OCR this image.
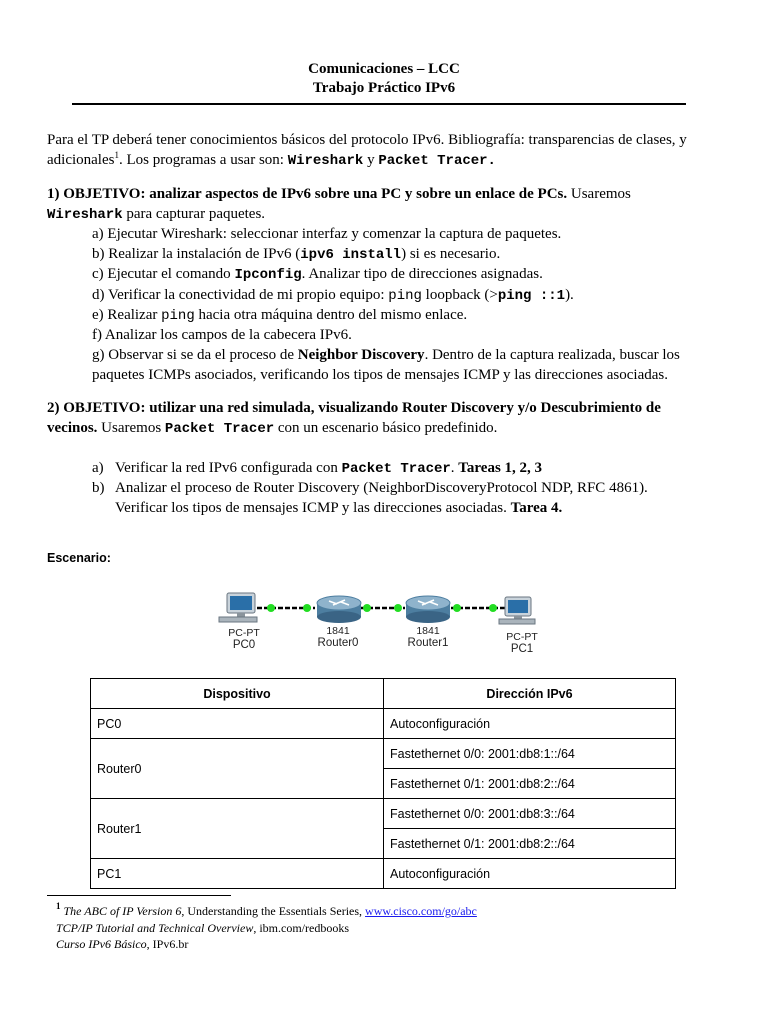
Comunicaciones – LCC
Trabajo Práctico IPv6
Para el TP deberá tener conocimientos básicos del protocolo IPv6. Bibliografía: transparencias de clases, y adicionales$^1$. Los programas a usar son: Wireshark y Packet Tracer.
1) OBJETIVO: analizar aspectos de IPv6 sobre una PC y sobre un enlace de PCs. Usaremos
Wireshark para capturar paquetes.
a) Ejecutar Wireshark: seleccionar interfaz y comenzar la captura de paquetes.
b) Realizar la instalación de IPv6 (ipv6 install) si es necesario.
c) Ejecutar el comando Ipconfig. Analizar tipo de direcciones asignadas.
d) Verificar la conectividad de mi propio equipo: ping loopback (>ping ::1).
e) Realizar ping hacia otra máquina dentro del mismo enlace.
f) Analizar los campos de la cabecera IPv6.
g) Observar si se da el proceso de Neighbor Discovery. Dentro de la captura realizada, buscar los
paquetes ICMPs asociados, verificando los tipos de mensajes ICMP y las direcciones asociadas.
2) OBJETIVO: utilizar una red simulada, visualizando Router Discovery y/o Descubrimiento de
vecinos. Usaremos Packet Tracer con un escenario básico predefinido.
a) Verificar la red IPv6 configurada con Packet Tracer. Tareas 1, 2, 3
b) Analizar el proceso de Router Discovery (NeighborDiscoveryProtocol NDP, RFC 4861).
Verificar los tipos de mensajes ICMP y las direcciones asociadas. Tarea 4.
Escenario:
PC-PT
PC0
1841
Router0
1841
Router1	PC-PT
PC1
Dispositivo	Dirección IPv6
PC0	Autoconfiguración
Router0	Fastethernet 0/0: 2001:db8:1::/64
	Fastethernet 0/1: 2001:db8:2::/64
Router1	Fastethernet 0/0: 2001:db8:3::/64
	Fastethernet 0/1: 2001:db8:2::/64
PC1	Autoconfiguración
$^1$ The ABC of IP Version 6, Understanding the Essentials Series, www.cisco.com/go/abc
TCP/IP Tutorial and Technical Overview, ibm.com/redbooks
Curso IPv6 Básico, IPv6.br
